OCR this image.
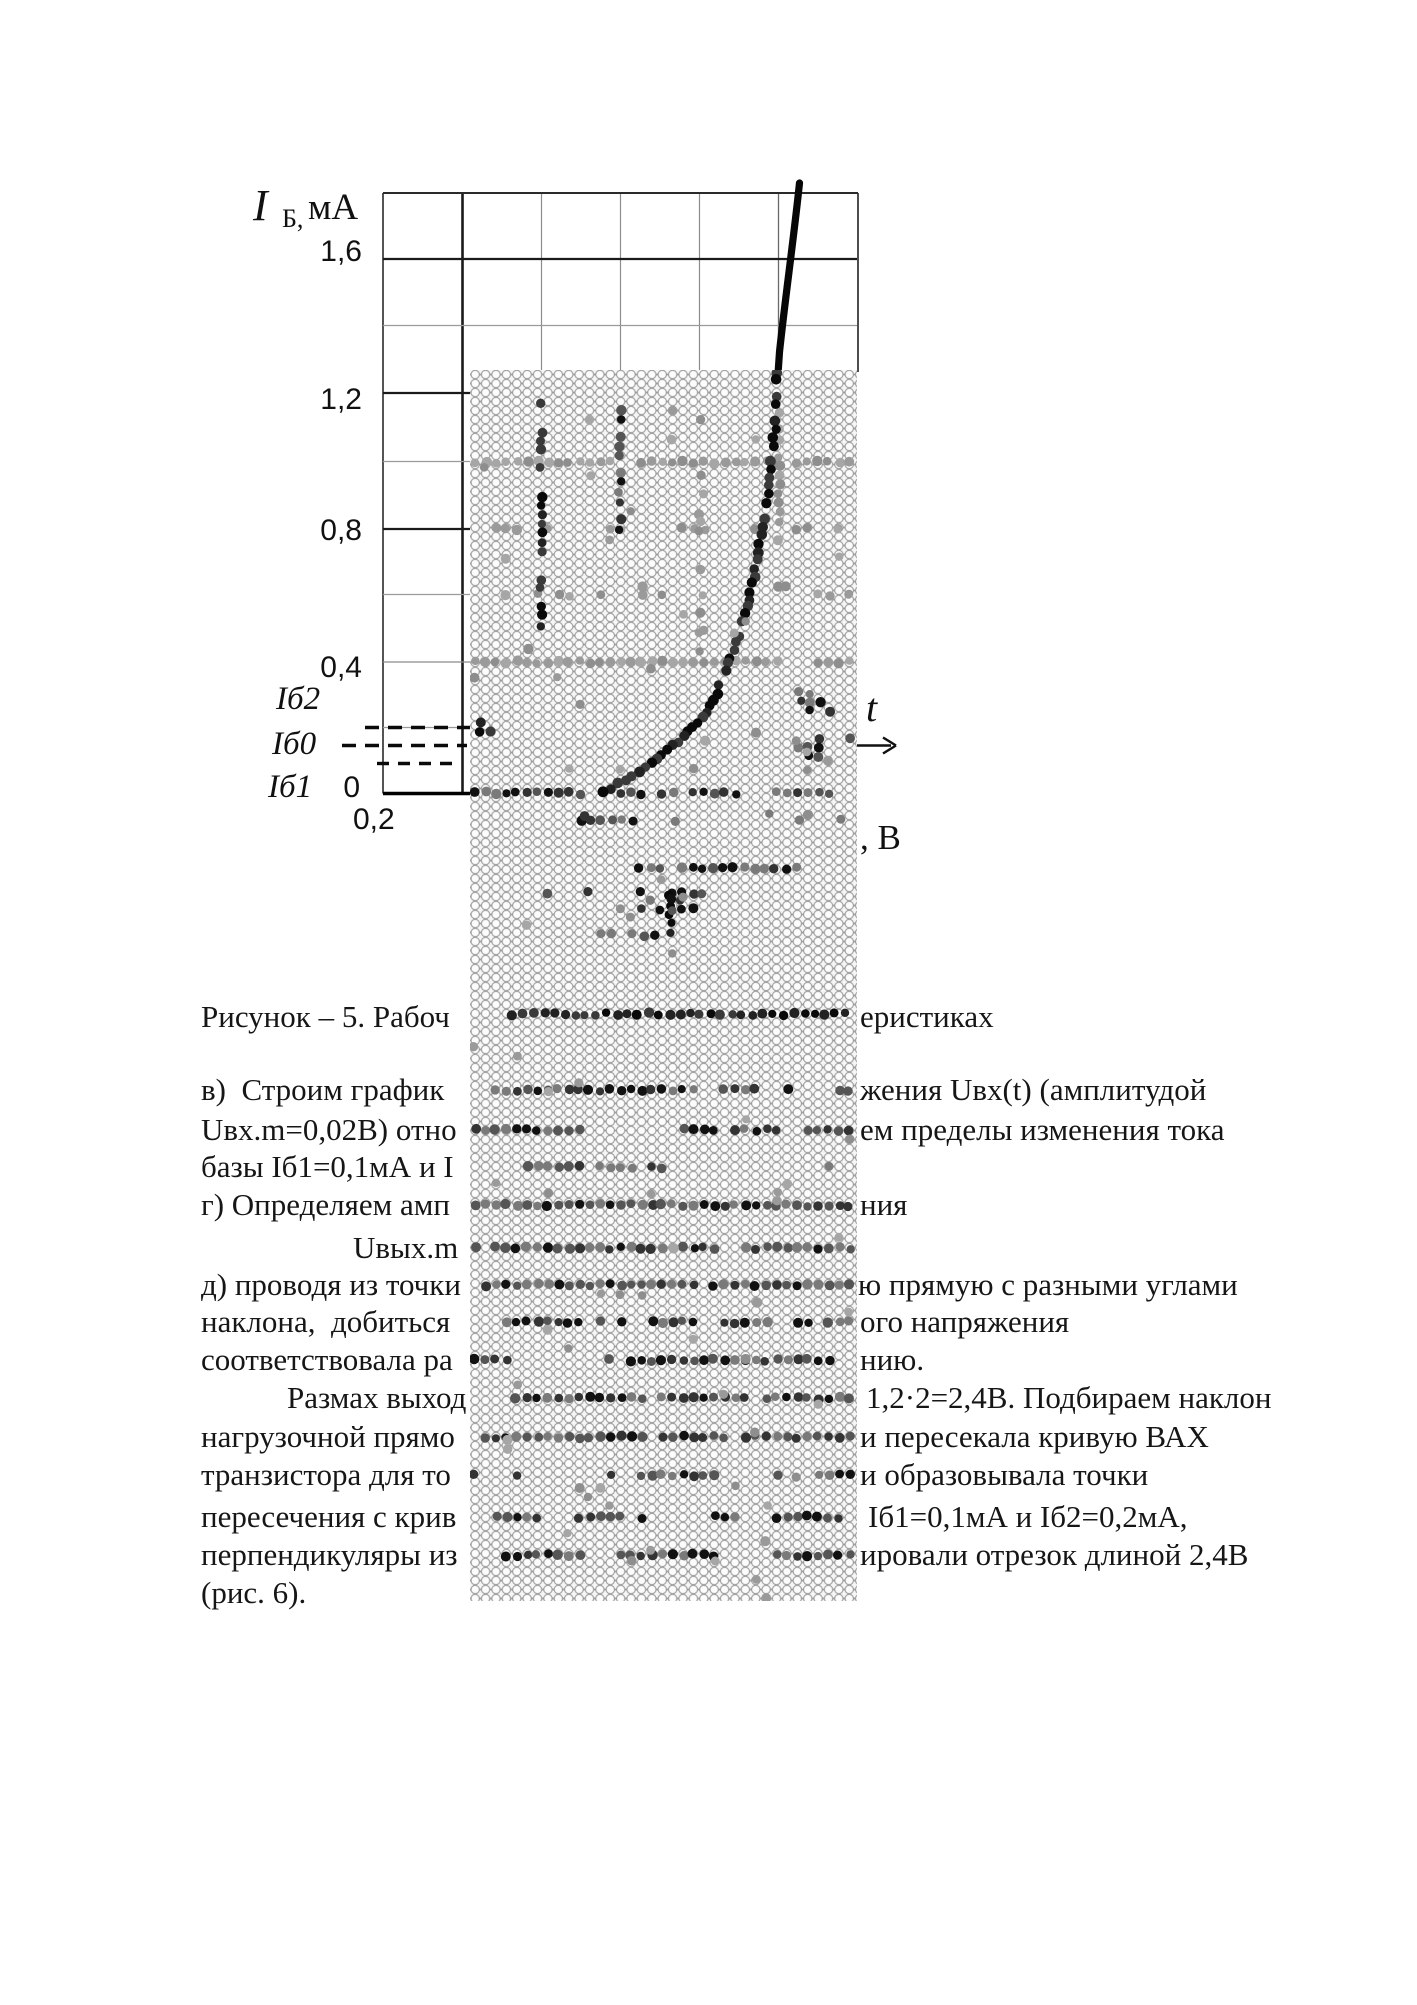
I Б, мА
1,6
1,2
0,8
0,4
0
0,2
Iб2
Iб0
Iб1
t
, В
Рисунок – 5. Рабоч	еристиках
в)  Строим график	жения Uвх(t) (амплитудой
Uвх.m=0,02В) отно	ем пределы изменения тока
базы Iб1=0,1мА и I
г) Определяем амп	ния
Uвых.m
д) проводя из точки	ю прямую с разными углами
наклона,  добиться	ого напряжения
соответствовала ра	нию.
Размах выход	1,2·2=2,4В. Подбираем наклон
нагрузочной прямо	и пересекала кривую ВАХ
транзистора для то	и образовывала точки
пересечения с крив	Iб1=0,1мА и Iб2=0,2мА,
перпендикуляры из	ировали отрезок длиной 2,4В
(рис. 6).
